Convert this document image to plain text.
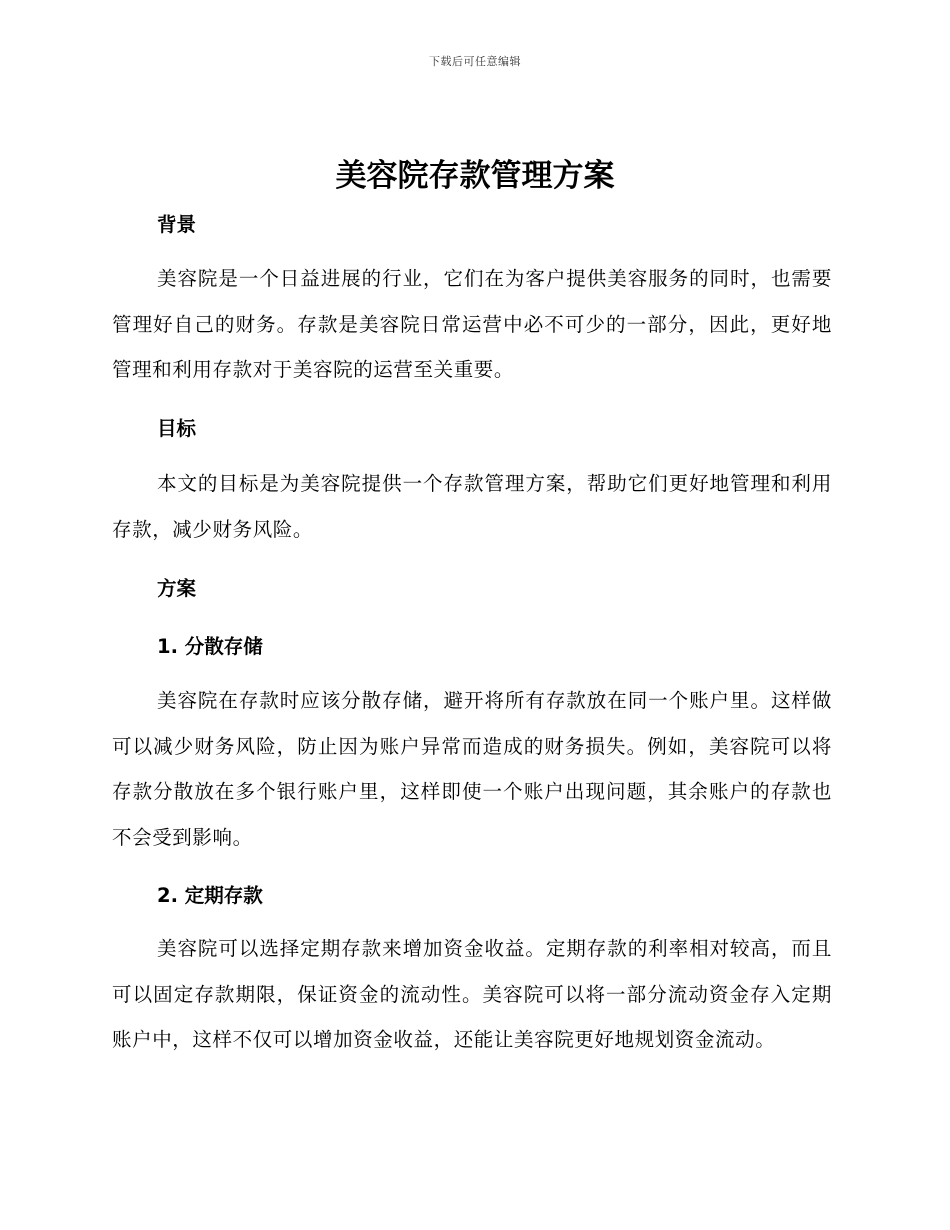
下载后可任意编辑
美容院存款管理方案
背景

美容院是一个日益进展的行业，它们在为客户提供美容服务的同时，也需要管理好自己的财务。存款是美容院日常运营中必不可少的一部分，因此，更好地管理和利用存款对于美容院的运营至关重要。

目标

本文的目标是为美容院提供一个存款管理方案，帮助它们更好地管理和利用存款，减少财务风险。

方案
1. 分散存储

美容院在存款时应该分散存储，避开将所有存款放在同一个账户里。这样做可以减少财务风险，防止因为账户异常而造成的财务损失。例如，美容院可以将存款分散放在多个银行账户里，这样即使一个账户出现问题，其余账户的存款也不会受到影响。

2. 定期存款

美容院可以选择定期存款来增加资金收益。定期存款的利率相对较高，而且可以固定存款期限，保证资金的流动性。美容院可以将一部分流动资金存入定期账户中，这样不仅可以增加资金收益，还能让美容院更好地规划资金流动。
